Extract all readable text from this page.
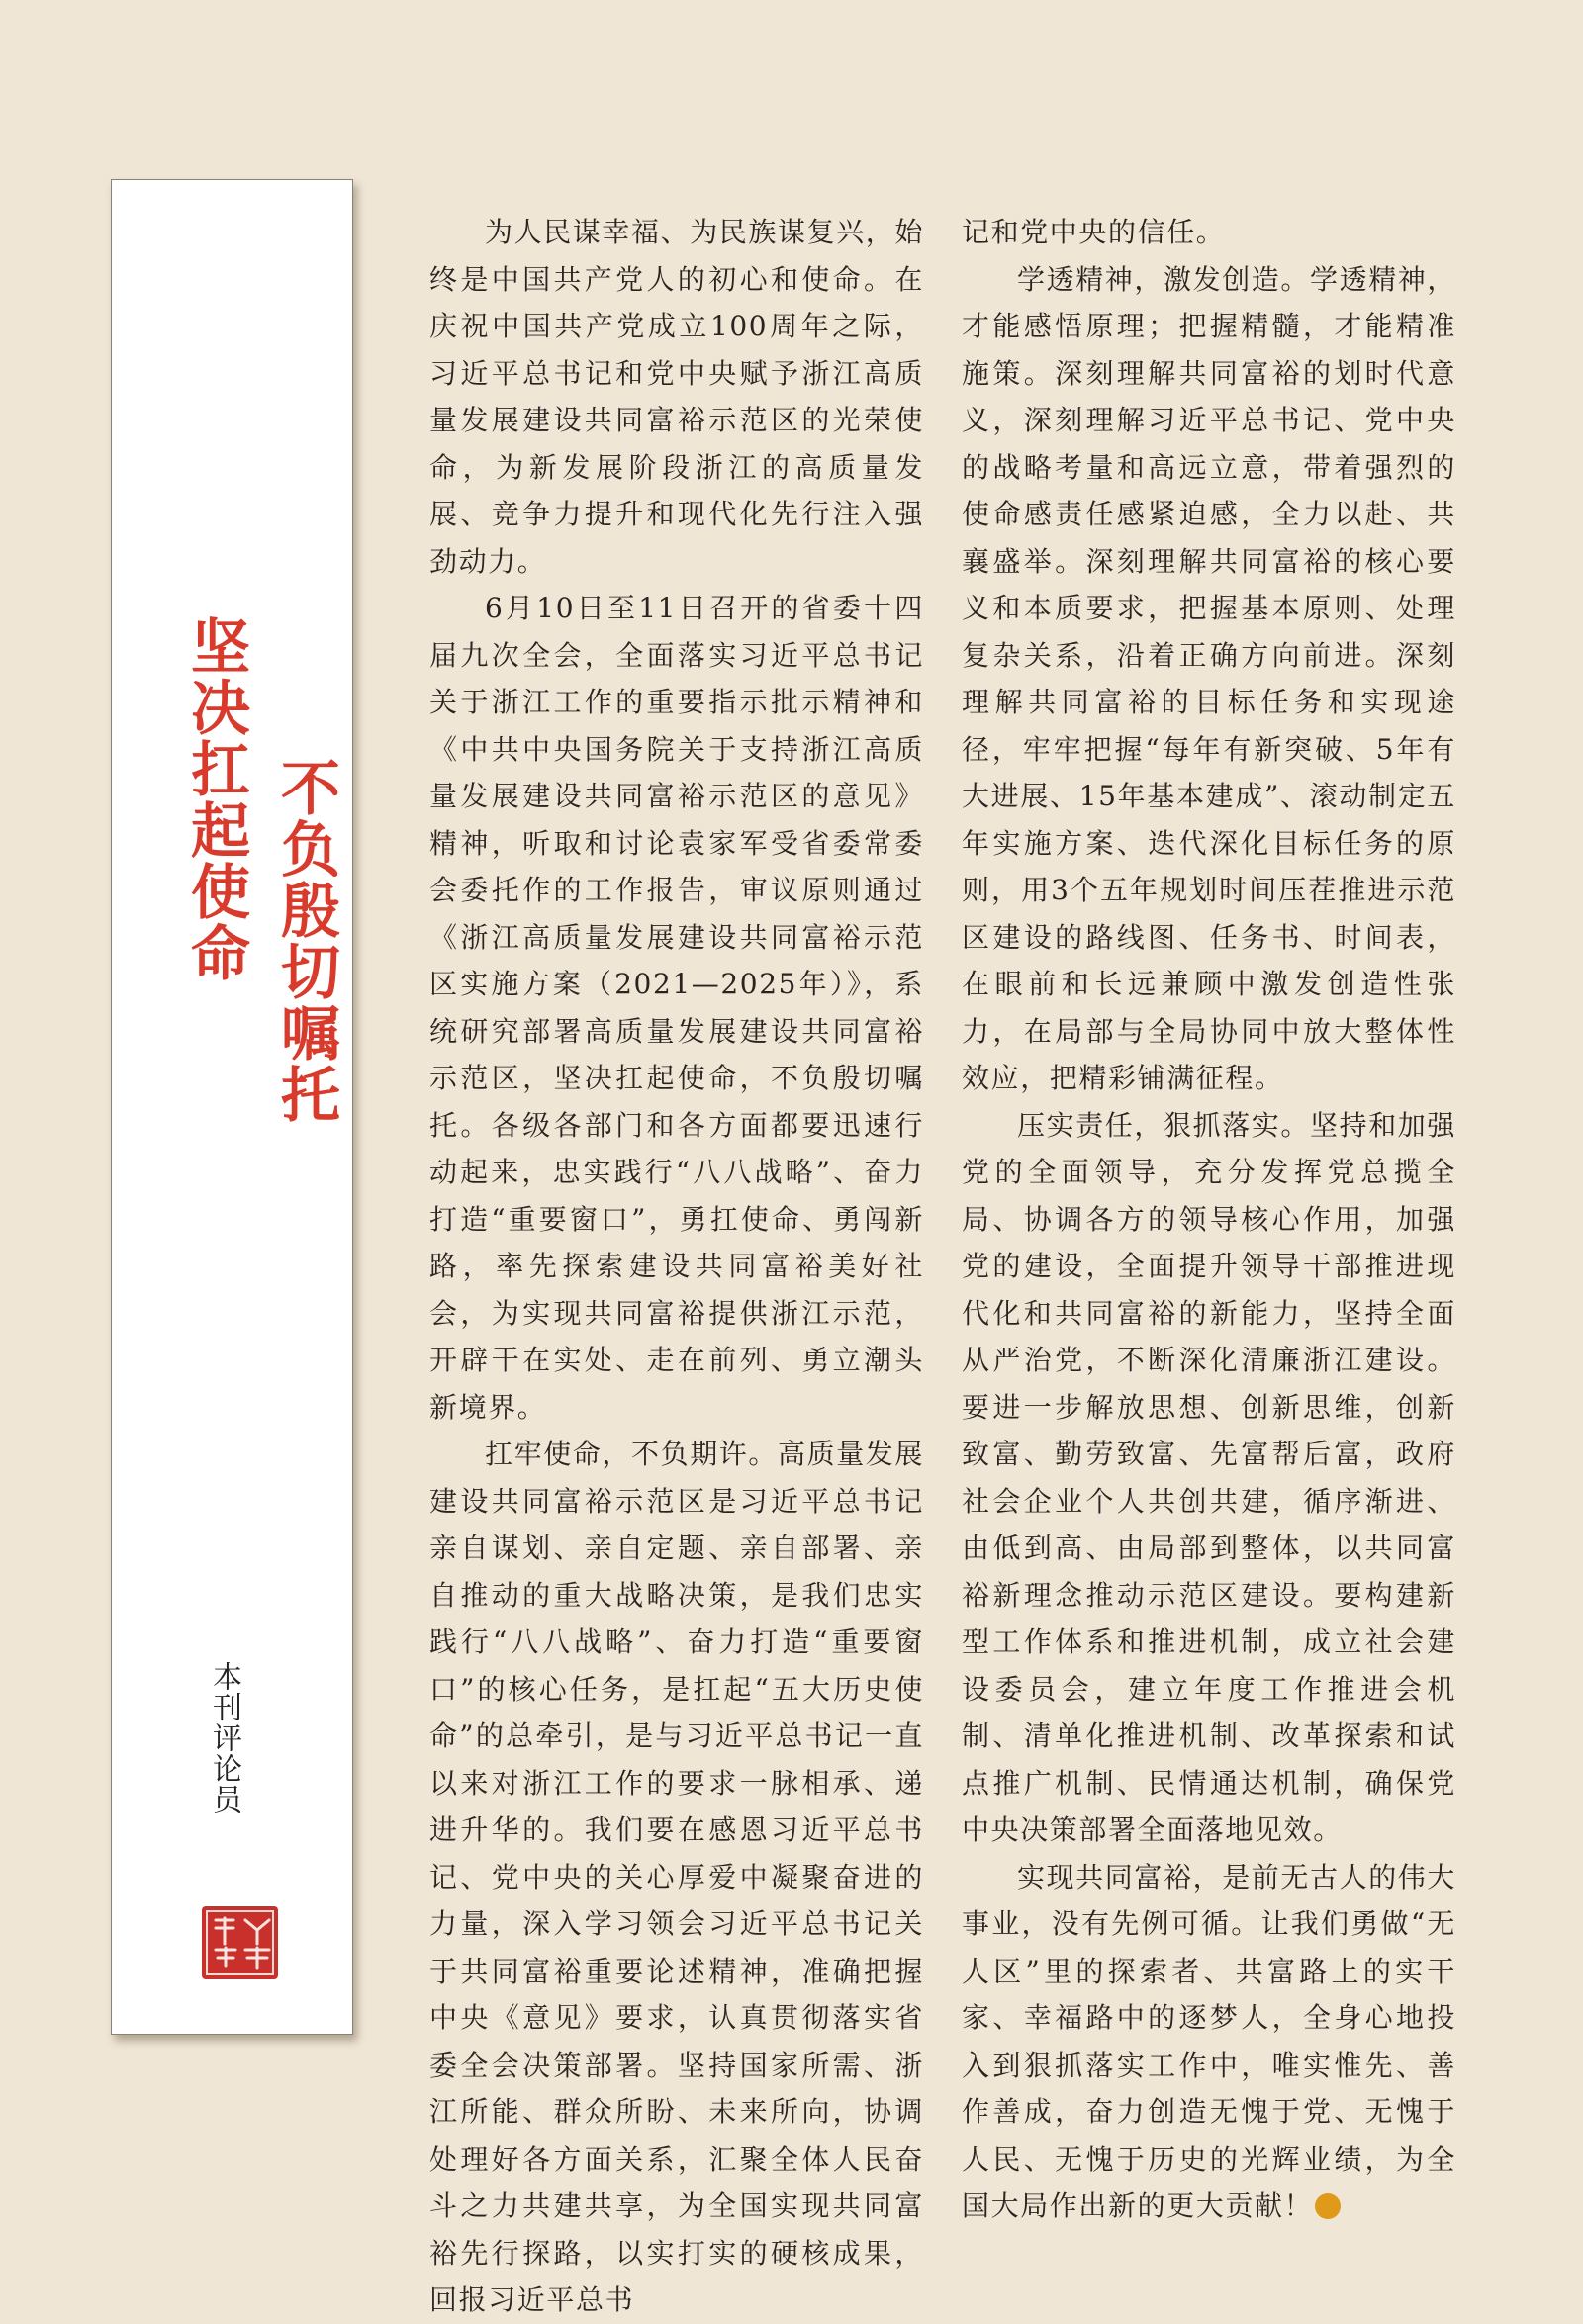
坚决扛起使命 不负殷切嘱托
本刊评论员

为人民谋幸福、为民族谋复兴，始终是中国共产党人的初心和使命。在庆祝中国共产党成立100周年之际，习近平总书记和党中央赋予浙江高质量发展建设共同富裕示范区的光荣使命，为新发展阶段浙江的高质量发展、竞争力提升和现代化先行注入强劲动力。

6月10日至11日召开的省委十四届九次全会，全面落实习近平总书记关于浙江工作的重要指示批示精神和《中共中央国务院关于支持浙江高质量发展建设共同富裕示范区的意见》精神，听取和讨论袁家军受省委常委会委托作的工作报告，审议原则通过《浙江高质量发展建设共同富裕示范区实施方案（2021—2025年）》，系统研究部署高质量发展建设共同富裕示范区，坚决扛起使命，不负殷切嘱托。各级各部门和各方面都要迅速行动起来，忠实践行“八八战略”、奋力打造“重要窗口”，勇扛使命、勇闯新路，率先探索建设共同富裕美好社会，为实现共同富裕提供浙江示范，开辟干在实处、走在前列、勇立潮头新境界。

扛牢使命，不负期许。高质量发展建设共同富裕示范区是习近平总书记亲自谋划、亲自定题、亲自部署、亲自推动的重大战略决策，是我们忠实践行“八八战略”、奋力打造“重要窗口”的核心任务，是扛起“五大历史使命”的总牵引，是与习近平总书记一直以来对浙江工作的要求一脉相承、递进升华的。我们要在感恩习近平总书记、党中央的关心厚爱中凝聚奋进的力量，深入学习领会习近平总书记关于共同富裕重要论述精神，准确把握中央《意见》要求，认真贯彻落实省委全会决策部署。坚持国家所需、浙江所能、群众所盼、未来所向，协调处理好各方面关系，汇聚全体人民奋斗之力共建共享，为全国实现共同富裕先行探路，以实打实的硬核成果，回报习近平总书

记和党中央的信任。

学透精神，激发创造。学透精神，才能感悟原理；把握精髓，才能精准施策。深刻理解共同富裕的划时代意义，深刻理解习近平总书记、党中央的战略考量和高远立意，带着强烈的使命感责任感紧迫感，全力以赴、共襄盛举。深刻理解共同富裕的核心要义和本质要求，把握基本原则、处理复杂关系，沿着正确方向前进。深刻理解共同富裕的目标任务和实现途径，牢牢把握“每年有新突破、5年有大进展、15年基本建成”、滚动制定五年实施方案、迭代深化目标任务的原则，用3个五年规划时间压茬推进示范区建设的路线图、任务书、时间表，在眼前和长远兼顾中激发创造性张力，在局部与全局协同中放大整体性效应，把精彩铺满征程。

压实责任，狠抓落实。坚持和加强党的全面领导，充分发挥党总揽全局、协调各方的领导核心作用，加强党的建设，全面提升领导干部推进现代化和共同富裕的新能力，坚持全面从严治党，不断深化清廉浙江建设。要进一步解放思想、创新思维，创新致富、勤劳致富、先富帮后富，政府社会企业个人共创共建，循序渐进、由低到高、由局部到整体，以共同富裕新理念推动示范区建设。要构建新型工作体系和推进机制，成立社会建设委员会，建立年度工作推进会机制、清单化推进机制、改革探索和试点推广机制、民情通达机制，确保党中央决策部署全面落地见效。

实现共同富裕，是前无古人的伟大事业，没有先例可循。让我们勇做“无人区”里的探索者、共富路上的实干家、幸福路中的逐梦人，全身心地投入到狠抓落实工作中，唯实惟先、善作善成，奋力创造无愧于党、无愧于人民、无愧于历史的光辉业绩，为全国大局作出新的更大贡献！
